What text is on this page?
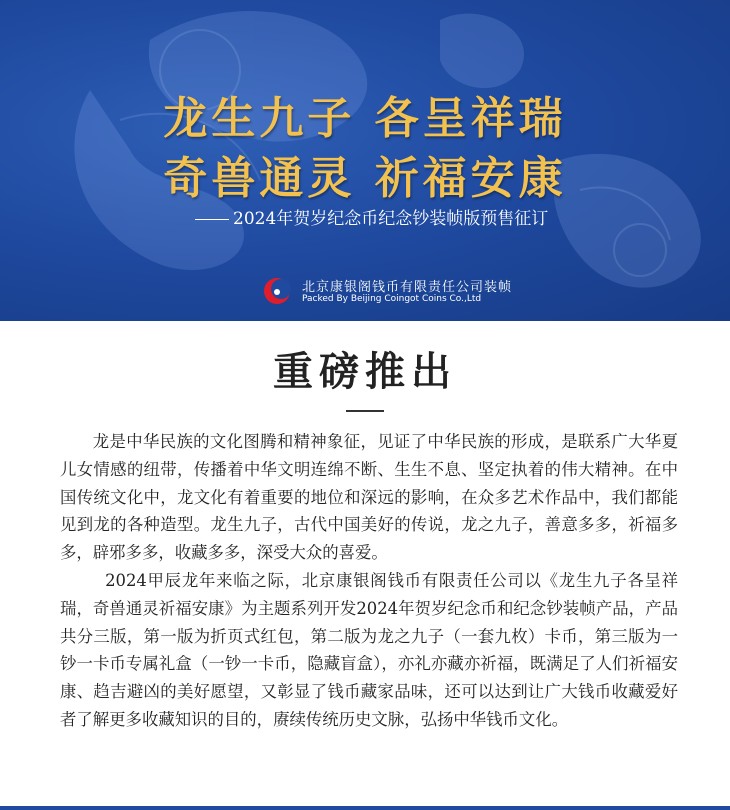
龙生九子 各呈祥瑞
奇兽通灵 祈福安康
2024年贺岁纪念币纪念钞装帧版预售征订
北京康银阁钱币有限责任公司装帧
Packed By Beijing Coingot Coins Co.,Ltd
重磅推出

龙是中华民族的文化图腾和精神象征，见证了中华民族的形成，是联系广大华夏儿女情感的纽带，传播着中华文明连绵不断、生生不息、坚定执着的伟大精神。在中国传统文化中，龙文化有着重要的地位和深远的影响，在众多艺术作品中，我们都能见到龙的各种造型。龙生九子，古代中国美好的传说，龙之九子，善意多多，祈福多多，辟邪多多，收藏多多，深受大众的喜爱。

2024甲辰龙年来临之际，北京康银阁钱币有限责任公司以《龙生九子各呈祥瑞，奇兽通灵祈福安康》为主题系列开发2024年贺岁纪念币和纪念钞装帧产品，产品共分三版，第一版为折页式红包，第二版为龙之九子（一套九枚）卡币，第三版为一钞一卡币专属礼盒（一钞一卡币，隐藏盲盒），亦礼亦藏亦祈福，既满足了人们祈福安康、趋吉避凶的美好愿望，又彰显了钱币藏家品味，还可以达到让广大钱币收藏爱好者了解更多收藏知识的目的，赓续传统历史文脉，弘扬中华钱币文化。
